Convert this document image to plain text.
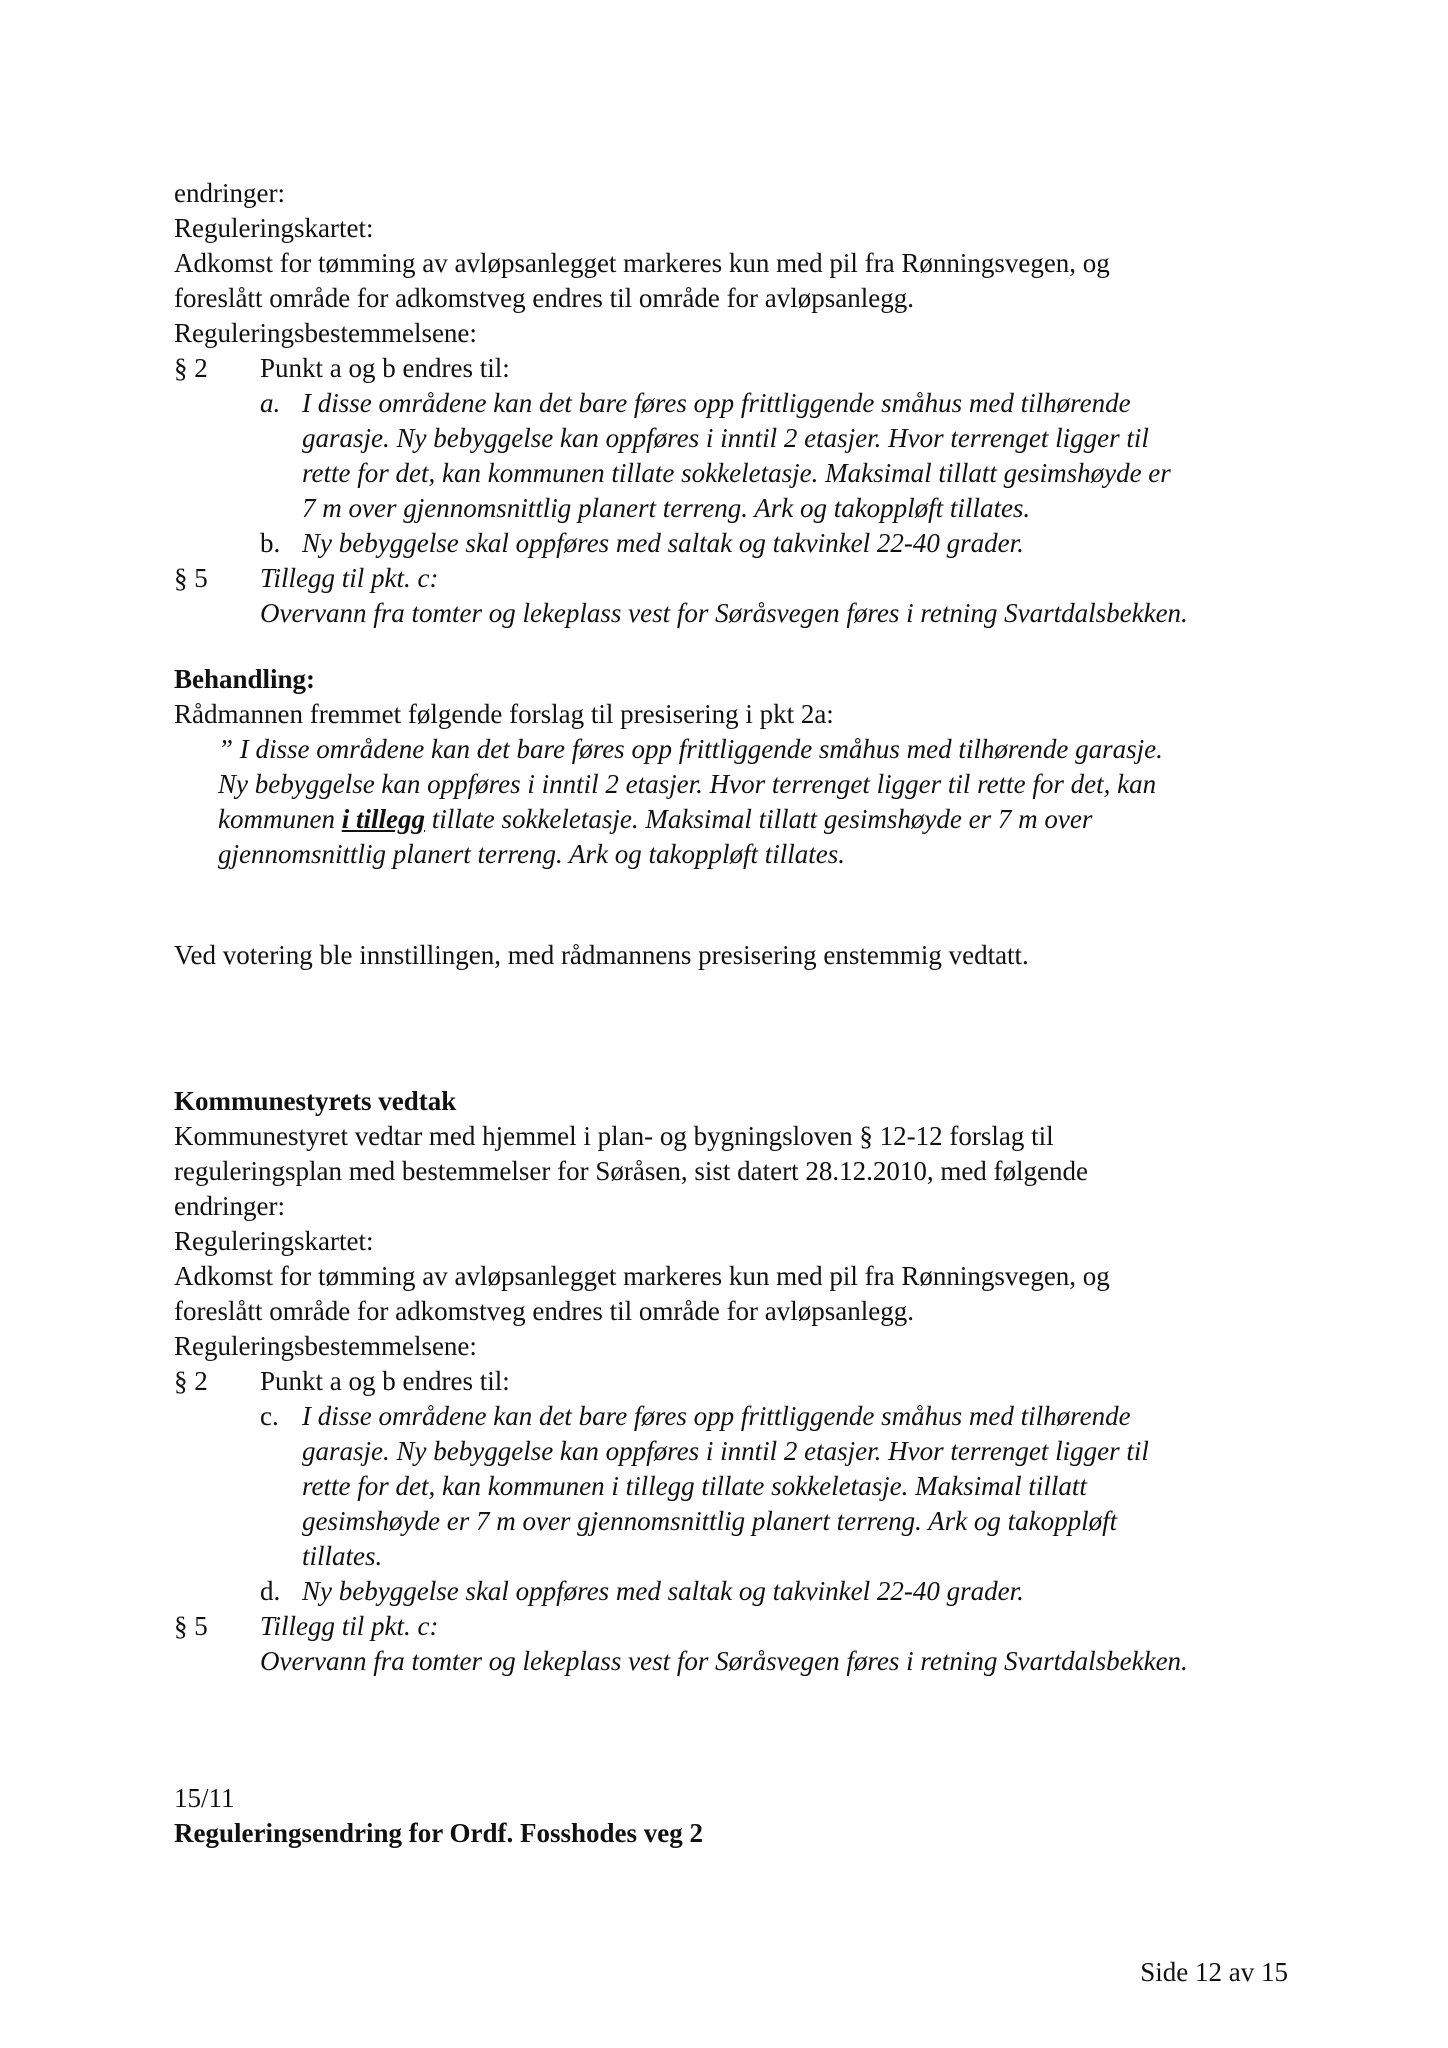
endringer:
Reguleringskartet:
Adkomst for tømming av avløpsanlegget markeres kun med pil fra Rønningsvegen, og
foreslått område for adkomstveg endres til område for avløpsanlegg.
Reguleringsbestemmelsene:
§ 2 Punkt a og b endres til:
a. I disse områdene kan det bare føres opp frittliggende småhus med tilhørende
garasje. Ny bebyggelse kan oppføres i inntil 2 etasjer. Hvor terrenget ligger til
rette for det, kan kommunen tillate sokkeletasje. Maksimal tillatt gesimshøyde er
7 m over gjennomsnittlig planert terreng. Ark og takoppløft tillates.
b. Ny bebyggelse skal oppføres med saltak og takvinkel 22-40 grader.
§ 5 Tillegg til pkt. c:
Overvann fra tomter og lekeplass vest for Søråsvegen føres i retning Svartdalsbekken.
Behandling:
Rådmannen fremmet følgende forslag til presisering i pkt 2a:
” I disse områdene kan det bare føres opp frittliggende småhus med tilhørende garasje.
Ny bebyggelse kan oppføres i inntil 2 etasjer. Hvor terrenget ligger til rette for det, kan
kommunen i tillegg tillate sokkeletasje. Maksimal tillatt gesimshøyde er 7 m over
gjennomsnittlig planert terreng. Ark og takoppløft tillates.
Ved votering ble innstillingen, med rådmannens presisering enstemmig vedtatt.
Kommunestyrets vedtak
Kommunestyret vedtar med hjemmel i plan- og bygningsloven § 12-12 forslag til
reguleringsplan med bestemmelser for Søråsen, sist datert 28.12.2010, med følgende
endringer:
Reguleringskartet:
Adkomst for tømming av avløpsanlegget markeres kun med pil fra Rønningsvegen, og
foreslått område for adkomstveg endres til område for avløpsanlegg.
Reguleringsbestemmelsene:
§ 2 Punkt a og b endres til:
c. I disse områdene kan det bare føres opp frittliggende småhus med tilhørende
garasje. Ny bebyggelse kan oppføres i inntil 2 etasjer. Hvor terrenget ligger til
rette for det, kan kommunen i tillegg tillate sokkeletasje. Maksimal tillatt
gesimshøyde er 7 m over gjennomsnittlig planert terreng. Ark og takoppløft
tillates.
d. Ny bebyggelse skal oppføres med saltak og takvinkel 22-40 grader.
§ 5 Tillegg til pkt. c:
Overvann fra tomter og lekeplass vest for Søråsvegen føres i retning Svartdalsbekken.
15/11
Reguleringsendring for Ordf. Fosshodes veg 2
Side 12 av 15
